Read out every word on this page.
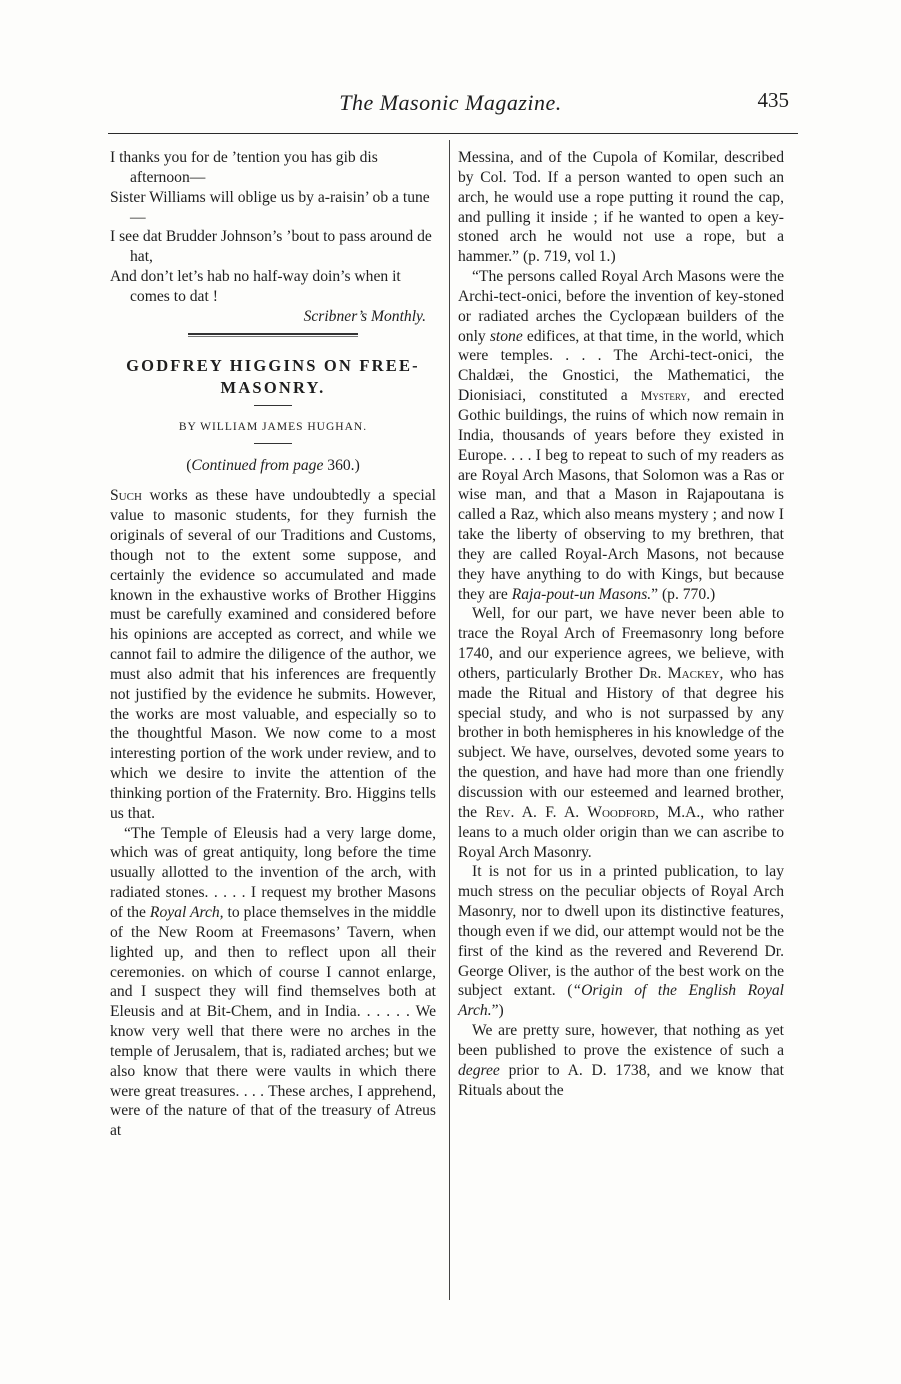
The Masonic Magazine.	435

I thanks you for de ’tention you has gib dis afternoon—

Sister Williams will oblige us by a-raisin’ ob a tune—

I see dat Brudder Johnson’s ’bout to pass around de hat,

And don’t let’s hab no half-way doin’s when it comes to dat !

Scribner’s Monthly.

GODFREY HIGGINS ON FREE-MASONRY.

BY WILLIAM JAMES HUGHAN.

(Continued from page 360.)

Such works as these have undoubtedly a special value to masonic students, for they furnish the originals of several of our Traditions and Customs, though not to the extent some suppose, and certainly the evidence so accumulated and made known in the exhaustive works of Brother Higgins must be carefully examined and considered before his opinions are accepted as correct, and while we cannot fail to admire the diligence of the author, we must also admit that his inferences are frequently not justified by the evidence he submits. However, the works are most valuable, and especially so to the thoughtful Mason. We now come to a most interesting portion of the work under review, and to which we desire to invite the attention of the thinking portion of the Fraternity. Bro. Higgins tells us that.

“The Temple of Eleusis had a very large dome, which was of great antiquity, long before the time usually allotted to the invention of the arch, with radiated stones. . . . . I request my brother Masons of the Royal Arch, to place themselves in the middle of the New Room at Freemasons’ Tavern, when lighted up, and then to reflect upon all their ceremonies. on which of course I cannot enlarge, and I suspect they will find themselves both at Eleusis and at Bit-Chem, and in India. . . . . . We know very well that there were no arches in the temple of Jerusalem, that is, radiated arches; but we also know that there were vaults in which there were great treasures. . . . These arches, I apprehend, were of the nature of that of the treasury of Atreus at

Messina, and of the Cupola of Komilar, described by Col. Tod. If a person wanted to open such an arch, he would use a rope putting it round the cap, and pulling it inside ; if he wanted to open a key-stoned arch he would not use a rope, but a hammer.” (p. 719, vol 1.)

“The persons called Royal Arch Masons were the Archi-tect-onici, before the invention of key-stoned or radiated arches the Cyclopæan builders of the only stone edifices, at that time, in the world, which were temples. . . . The Archi-tect-onici, the Chaldæi, the Gnostici, the Mathematici, the Dionisiaci, constituted a Mystery, and erected Gothic buildings, the ruins of which now remain in India, thousands of years before they existed in Europe. . . . I beg to repeat to such of my readers as are Royal Arch Masons, that Solomon was a Ras or wise man, and that a Mason in Rajapoutana is called a Raz, which also means mystery ; and now I take the liberty of observing to my brethren, that they are called Royal-Arch Masons, not because they have anything to do with Kings, but because they are Raja-pout-un Masons.” (p. 770.)

Well, for our part, we have never been able to trace the Royal Arch of Freemasonry long before 1740, and our experience agrees, we believe, with others, particularly Brother Dr. Mackey, who has made the Ritual and History of that degree his special study, and who is not surpassed by any brother in both hemispheres in his knowledge of the subject. We have, ourselves, devoted some years to the question, and have had more than one friendly discussion with our esteemed and learned brother, the Rev. A. F. A. Woodford, M.A., who rather leans to a much older origin than we can ascribe to Royal Arch Masonry.

It is not for us in a printed publication, to lay much stress on the peculiar objects of Royal Arch Masonry, nor to dwell upon its distinctive features, though even if we did, our attempt would not be the first of the kind as the revered and Reverend Dr. George Oliver, is the author of the best work on the subject extant. (“Origin of the English Royal Arch.”)

We are pretty sure, however, that nothing as yet been published to prove the existence of such a degree prior to A. D. 1738, and we know that Rituals about the
